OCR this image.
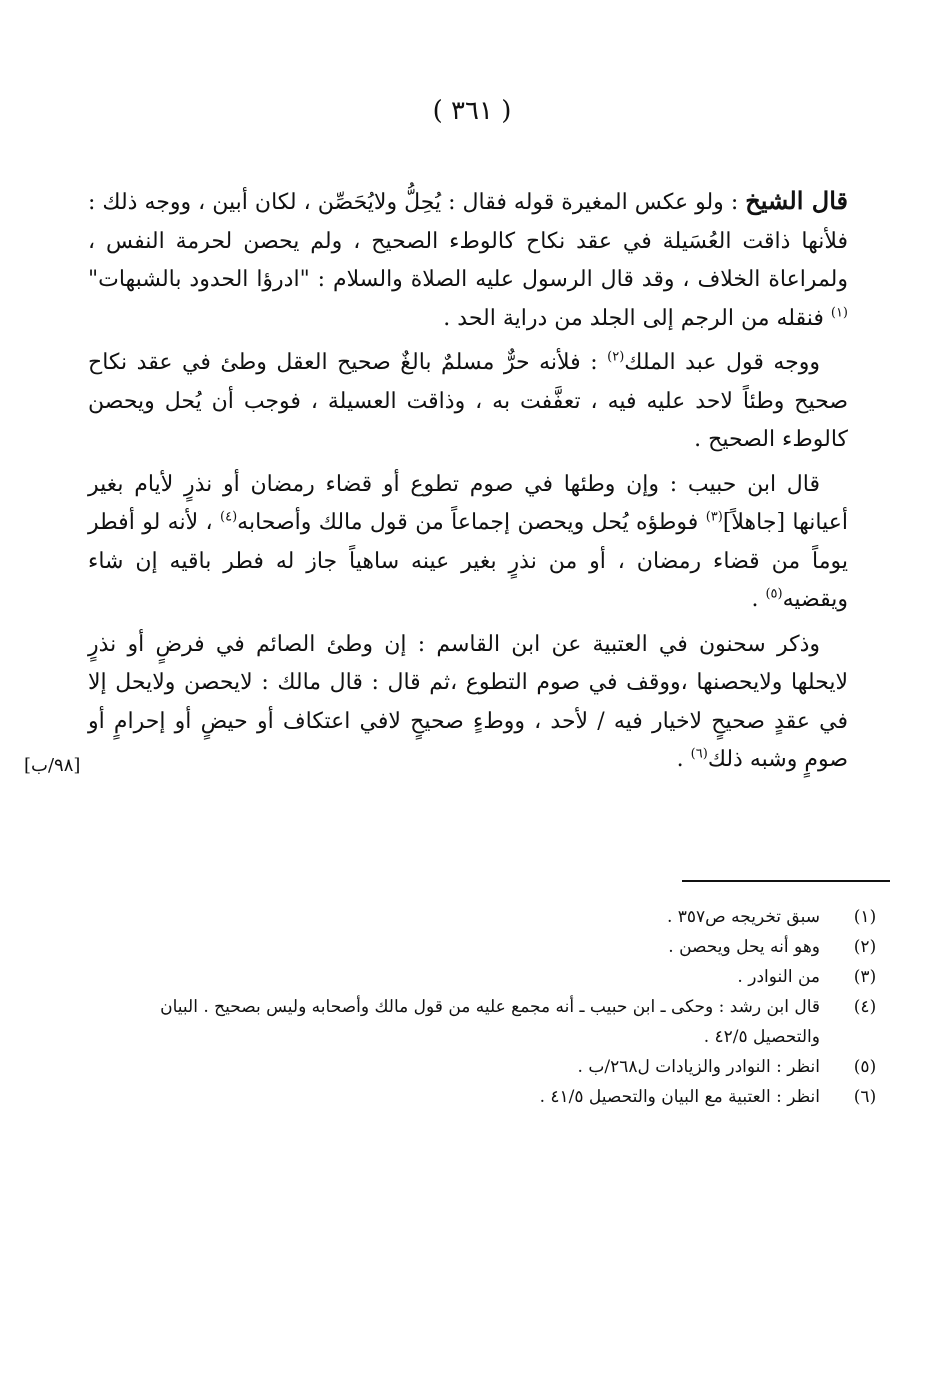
( ٣٦١ )

قال الشيخ : ولو عكس المغيرة قوله فقال : يُحِلُّ ولايُحَصِّن ، لكان أبين ، ووجه ذلك : فلأنها ذاقت العُسَيلة في عقد نكاح كالوطء الصحيح ، ولم يحصن لحرمة النفس ، ولمراعاة الخلاف ، وقد قال الرسول عليه الصلاة والسلام : "ادرؤا الحدود بالشبهات"$^{(١)}$ فنقله من الرجم إلى الجلد من دراية الحد .

ووجه قول عبد الملك$^{(٢)}$ : فلأنه حرٌّ مسلمٌ بالغٌ صحيح العقل وطئ في عقد نكاح صحيح وطئاً لاحد عليه فيه ، تعفَّفت به ، وذاقت العسيلة ، فوجب أن يُحل ويحصن كالوطء الصحيح .

قال ابن حبيب : وإن وطئها في صوم تطوع أو قضاء رمضان أو نذرٍ لأيام بغير أعيانها [جاهلاً]$^{(٣)}$ فوطؤه يُحل ويحصن إجماعاً من قول مالك وأصحابه$^{(٤)}$ ، لأنه لو أفطر يوماً من قضاء رمضان ، أو من نذرٍ بغير عينه ساهياً جاز له فطر باقيه إن شاء ويقضيه$^{(٥)}$ .

وذكر سحنون في العتبية عن ابن القاسم : إن وطئ الصائم في فرضٍ أو نذرٍ لايحلها ولايحصنها ،ووقف في صوم التطوع ،ثم قال : قال مالك : لايحصن ولايحل إلا في عقدٍ صحيحٍ لاخيار فيه / لأحد ، ووطءٍ صحيحٍ لافي اعتكاف أو حيضٍ أو إحرامٍ أو صومٍ وشبه ذلك$^{(٦)}$ .

[٩٨/ب]
(١)
سبق تخريجه ص٣٥٧ .
(٢)
وهو أنه يحل ويحصن .
(٣)
من النوادر .
(٤)
قال ابن رشد : وحكى ـ ابن حبيب ـ أنه مجمع عليه من قول مالك وأصحابه وليس بصحيح . البيان والتحصيل ٤٢/٥ .
(٥)
انظر : النوادر والزيادات ل٢٦٨/ب .
(٦)
انظر : العتبية مع البيان والتحصيل ٤١/٥ .
